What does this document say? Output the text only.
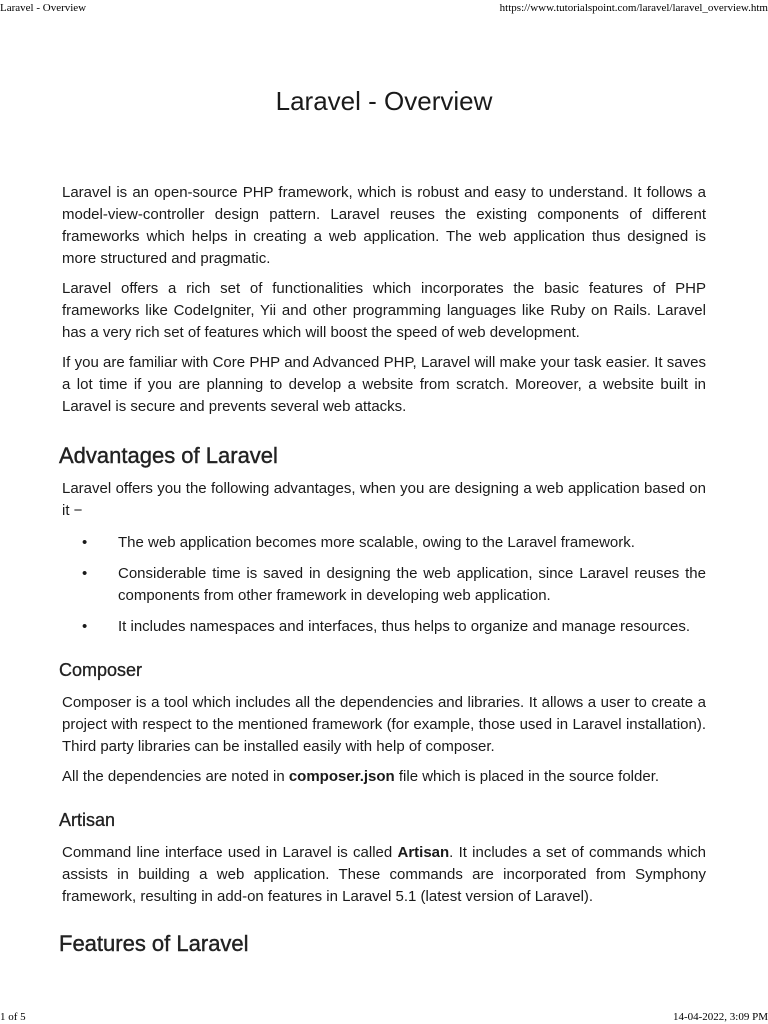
Laravel - Overview	https://www.tutorialspoint.com/laravel/laravel_overview.htm
Laravel - Overview

Laravel is an open-source PHP framework, which is robust and easy to understand. It follows a model-view-controller design pattern. Laravel reuses the existing components of different frameworks which helps in creating a web application. The web application thus designed is more structured and pragmatic.

Laravel offers a rich set of functionalities which incorporates the basic features of PHP frameworks like CodeIgniter, Yii and other programming languages like Ruby on Rails. Laravel has a very rich set of features which will boost the speed of web development.

If you are familiar with Core PHP and Advanced PHP, Laravel will make your task easier. It saves a lot time if you are planning to develop a website from scratch. Moreover, a website built in Laravel is secure and prevents several web attacks.

Advantages of Laravel

Laravel offers you the following advantages, when you are designing a web application based on it −

• The web application becomes more scalable, owing to the Laravel framework.
• Considerable time is saved in designing the web application, since Laravel reuses the components from other framework in developing web application.
• It includes namespaces and interfaces, thus helps to organize and manage resources.
Composer

Composer is a tool which includes all the dependencies and libraries. It allows a user to create a project with respect to the mentioned framework (for example, those used in Laravel installation). Third party libraries can be installed easily with help of composer.

All the dependencies are noted in composer.json file which is placed in the source folder.

Artisan

Command line interface used in Laravel is called Artisan. It includes a set of commands which assists in building a web application. These commands are incorporated from Symphony framework, resulting in add-on features in Laravel 5.1 (latest version of Laravel).

Features of Laravel
1 of 5	14-04-2022, 3:09 PM
